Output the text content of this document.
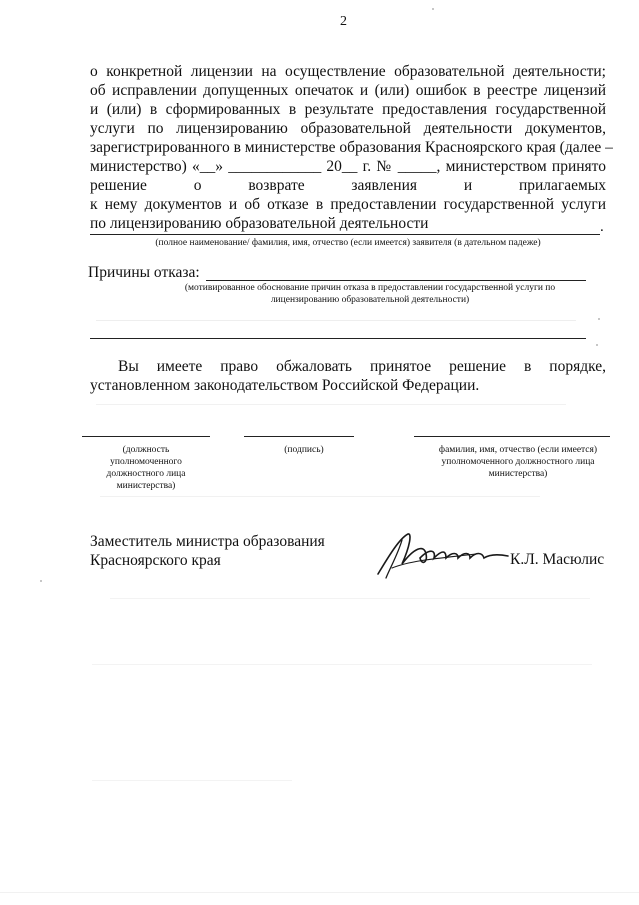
2
о конкретной лицензии на осуществление образовательной деятельности;
об исправлении допущенных опечаток и (или) ошибок в реестре лицензий
и (или) в сформированных в результате предоставления государственной
услуги по лицензированию образовательной деятельности документов,
зарегистрированного в министерстве образования Красноярского края (далее –
министерство) «__» ____________ 20__ г. № _____, министерством принято
решение о возврате заявления и прилагаемых
к нему документов и об отказе в предоставлении государственной услуги
по лицензированию образовательной деятельности	.
(полное наименование/ фамилия, имя, отчество (если имеется) заявителя (в дательном падеже)
Причины отказа:
(мотивированное обоснование причин отказа в предоставлении государственной услуги по
лицензированию образовательной деятельности)
Вы имеете право обжаловать принятое решение в порядке,
установленном законодательством Российской Федерации.
(должность
уполномоченного
должностного лица
министерства)
(подпись)	фамилия, имя, отчество (если имеется)
уполномоченного должностного лица
министерства)
Заместитель министра образования
Красноярского края	К.Л. Масюлис
